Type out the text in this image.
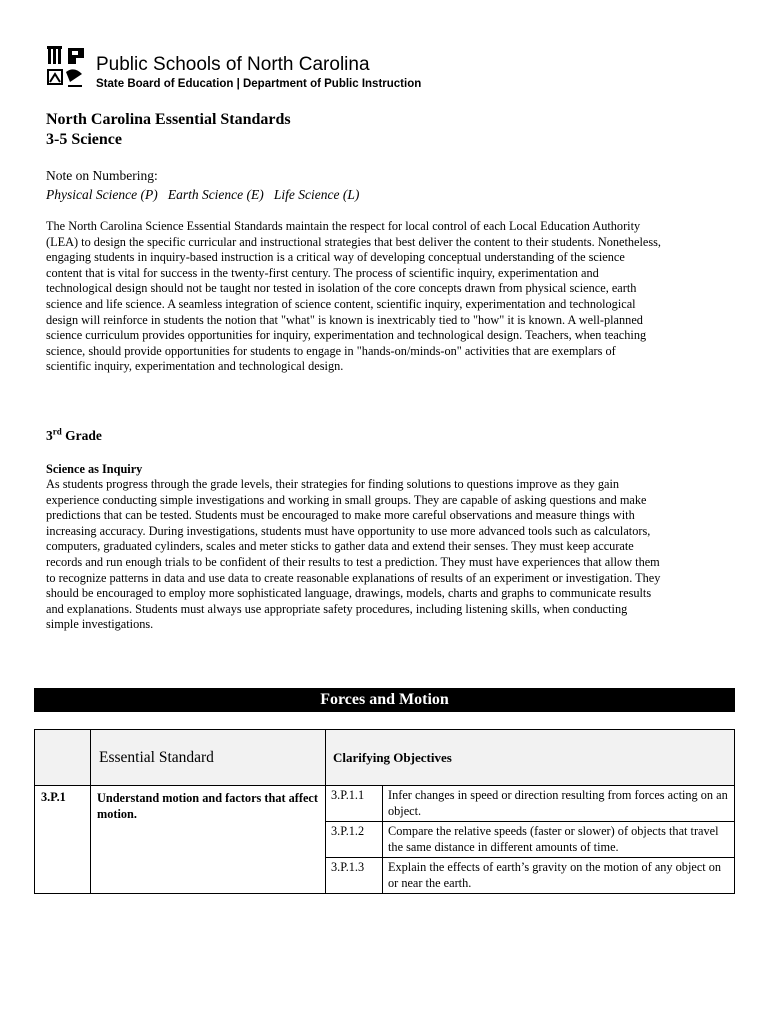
Public Schools of North Carolina
State Board of Education | Department of Public Instruction
North Carolina Essential Standards
3-5 Science
Note on Numbering:
Physical Science (P)   Earth Science (E)   Life Science (L)
The North Carolina Science Essential Standards maintain the respect for local control of each Local Education Authority (LEA) to design the specific curricular and instructional strategies that best deliver the content to their students. Nonetheless, engaging students in inquiry-based instruction is a critical way of developing conceptual understanding of the science content that is vital for success in the twenty-first century. The process of scientific inquiry, experimentation and technological design should not be taught nor tested in isolation of the core concepts drawn from physical science, earth science and life science. A seamless integration of science content, scientific inquiry, experimentation and technological design will reinforce in students the notion that "what" is known is inextricably tied to "how" it is known. A well-planned science curriculum provides opportunities for inquiry, experimentation and technological design. Teachers, when teaching science, should provide opportunities for students to engage in "hands-on/minds-on" activities that are exemplars of scientific inquiry, experimentation and technological design.
3rd Grade
Science as Inquiry
As students progress through the grade levels, their strategies for finding solutions to questions improve as they gain experience conducting simple investigations and working in small groups. They are capable of asking questions and make predictions that can be tested. Students must be encouraged to make more careful observations and measure things with increasing accuracy. During investigations, students must have opportunity to use more advanced tools such as calculators, computers, graduated cylinders, scales and meter sticks to gather data and extend their senses. They must keep accurate records and run enough trials to be confident of their results to test a prediction. They must have experiences that allow them to recognize patterns in data and use data to create reasonable explanations of results of an experiment or investigation. They should be encouraged to employ more sophisticated language, drawings, models, charts and graphs to communicate results and explanations. Students must always use appropriate safety procedures, including listening skills, when conducting simple investigations.
Forces and Motion
	Essential Standard	Clarifying Objectives
3.P.1	Understand motion and factors that affect motion.	
3.P.1.1	Infer changes in speed or direction resulting from forces acting on an object.
3.P.1.2	Compare the relative speeds (faster or slower) of objects that travel the same distance in different amounts of time.
3.P.1.3	Explain the effects of earth’s gravity on the motion of any object on or near the earth.
